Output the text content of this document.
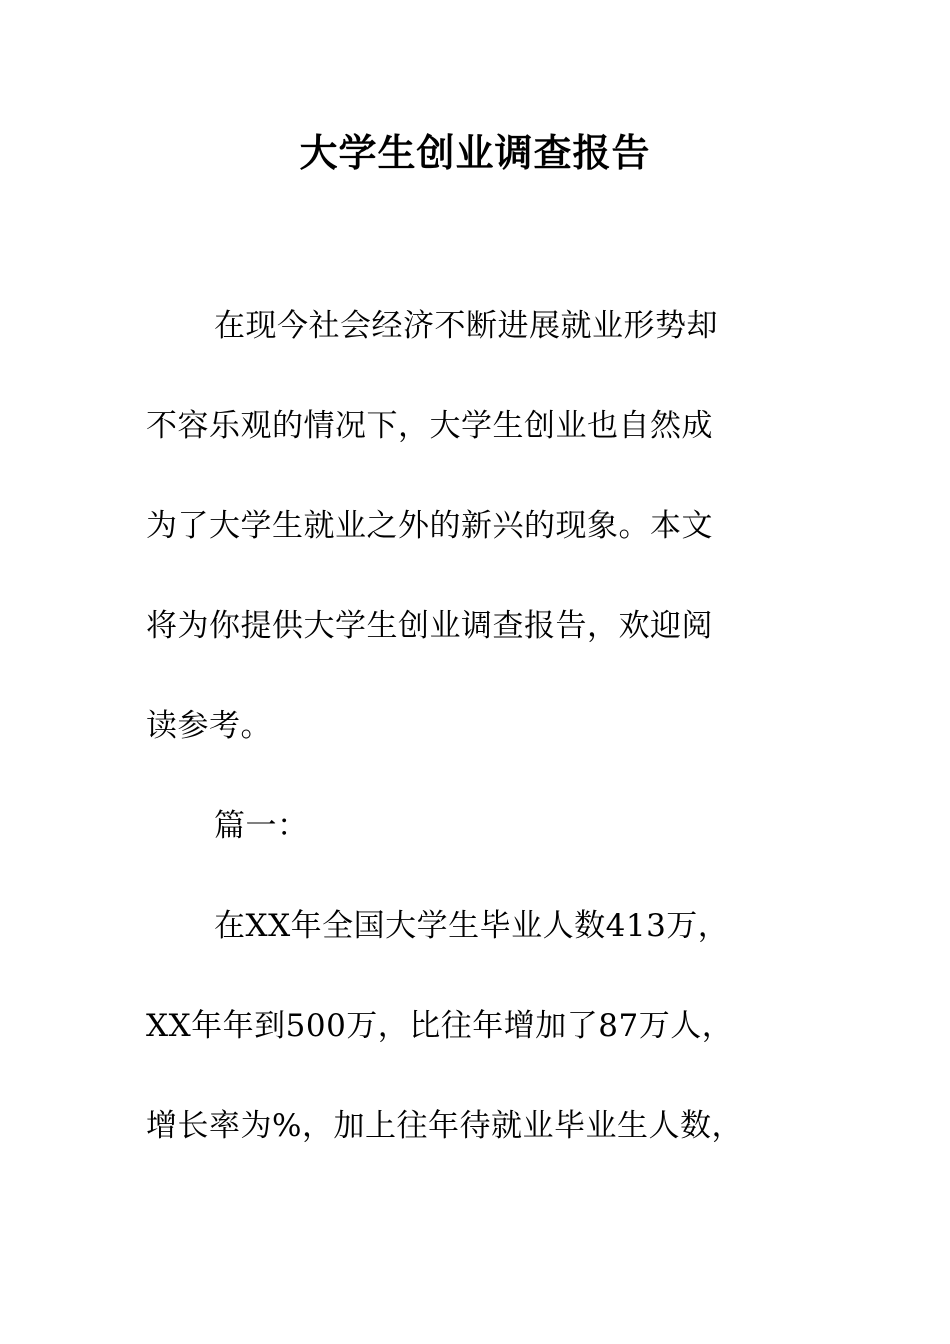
大学生创业调查报告
在现今社会经济不断进展就业形势却
不容乐观的情况下，大学生创业也自然成
为了大学生就业之外的新兴的现象。本文
将为你提供大学生创业调查报告，欢迎阅
读参考。
篇一：
在XX年全国大学生毕业人数413万，
XX年年到500万，比往年增加了87万人，
增长率为%，加上往年待就业毕业生人数，
